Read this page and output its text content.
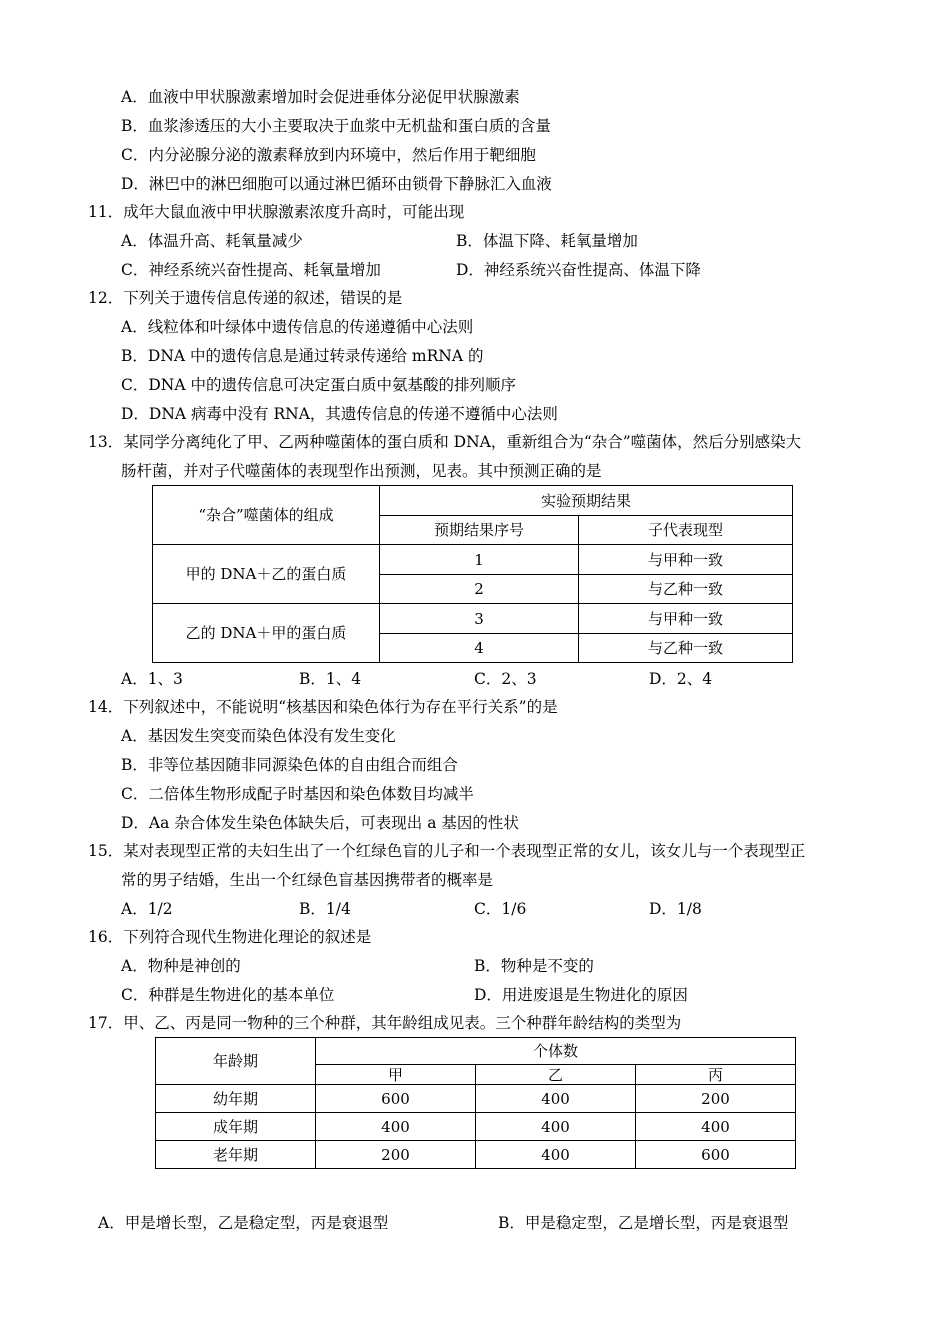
A．血液中甲状腺激素增加时会促进垂体分泌促甲状腺激素
B．血浆渗透压的大小主要取决于血浆中无机盐和蛋白质的含量
C．内分泌腺分泌的激素释放到内环境中，然后作用于靶细胞
D．淋巴中的淋巴细胞可以通过淋巴循环由锁骨下静脉汇入血液
11．成年大鼠血液中甲状腺激素浓度升高时，可能出现
A．体温升高、耗氧量减少	B．体温下降、耗氧量增加
C．神经系统兴奋性提高、耗氧量增加	D．神经系统兴奋性提高、体温下降
12．下列关于遗传信息传递的叙述，错误的是
A．线粒体和叶绿体中遗传信息的传递遵循中心法则
B．DNA 中的遗传信息是通过转录传递给 mRNA 的
C．DNA 中的遗传信息可决定蛋白质中氨基酸的排列顺序
D．DNA 病毒中没有 RNA，其遗传信息的传递不遵循中心法则
13．某同学分离纯化了甲、乙两种噬菌体的蛋白质和 DNA，重新组合为“杂合”噬菌体，然后分别感染大
肠杆菌，并对子代噬菌体的表现型作出预测，见表。其中预测正确的是
“杂合”噬菌体的组成	实验预期结果	
	预期结果序号	子代表现型
甲的 DNA＋乙的蛋白质	1	与甲种一致
	2	与乙种一致
乙的 DNA＋甲的蛋白质	3	与甲种一致
	4	与乙种一致
A．1、3	B．1、4	C．2、3	D．2、4
14．下列叙述中，不能说明“核基因和染色体行为存在平行关系”的是
A．基因发生突变而染色体没有发生变化
B．非等位基因随非同源染色体的自由组合而组合
C．二倍体生物形成配子时基因和染色体数目均减半
D．Aa 杂合体发生染色体缺失后，可表现出 a 基因的性状
15．某对表现型正常的夫妇生出了一个红绿色盲的儿子和一个表现型正常的女儿，该女儿与一个表现型正
常的男子结婚，生出一个红绿色盲基因携带者的概率是
A．1/2	B．1/4	C．1/6	D．1/8
16．下列符合现代生物进化理论的叙述是
A．物种是神创的	B．物种是不变的
C．种群是生物进化的基本单位	D．用进废退是生物进化的原因
17．甲、乙、丙是同一物种的三个种群，其年龄组成见表。三个种群年龄结构的类型为
年龄期	个体数		
	甲	乙	丙
幼年期	600	400	200
成年期	400	400	400
老年期	200	400	600
A．甲是增长型，乙是稳定型，丙是衰退型	B．甲是稳定型，乙是增长型，丙是衰退型
